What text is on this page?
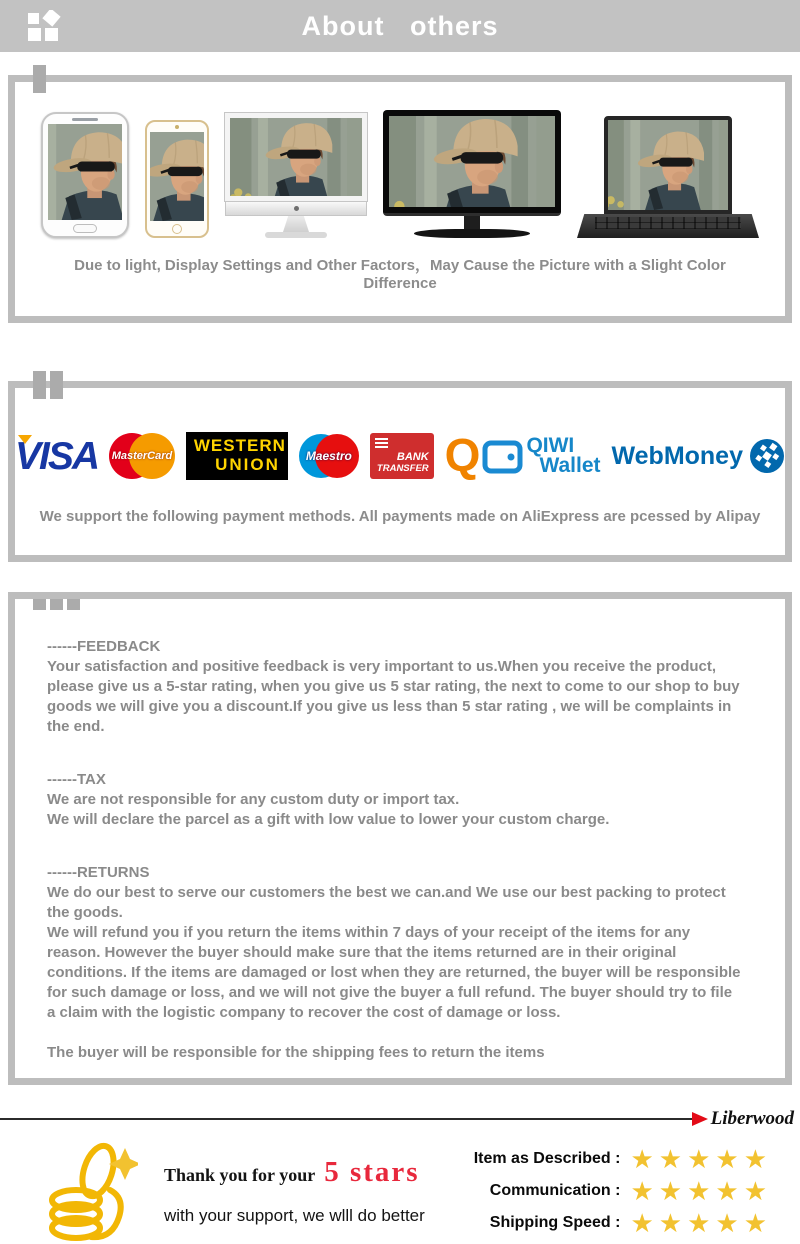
About   others

Due to light, Display Settings and Other Factors，May Cause the Picture with a Slight Color Difference

VISA MasterCard
WESTERN
UNION	Maestro	BANK
TRANSFER Q QIWI
Wallet WebMoney

We support the following payment methods. All payments made on AliExpress are pcessed by Alipay

------FEEDBACK

Your satisfaction and positive feedback is very important to us.When you receive the product, please give us a 5-star rating, when you give us 5 star rating, the next to come to our shop to buy goods we will give you a discount.If you give us less than 5 star rating , we will be complaints in the end.

------TAX

We are not responsible for any custom duty or import tax.

We will declare the parcel as a gift with low value to lower your custom charge.

------RETURNS

We do our best to serve our customers the best we can.and We use our best packing to protect the goods.

We will refund you if you return the items within 7 days of your receipt of the items for any reason. However the buyer should make sure that the items returned are in their original conditions. If the items are damaged or lost when they are returned, the buyer will be responsible for such damage or loss, and we will not give the buyer a full refund. The buyer should try to file a claim with the logistic company to recover the cost of damage or loss.

The buyer will be responsible for the shipping fees to return the items

Liberwood
Thank you for your 5 stars
with your support, we wlll do better
Item as Described : ★★★★★
Communication : ★★★★★
Shipping Speed : ★★★★★
